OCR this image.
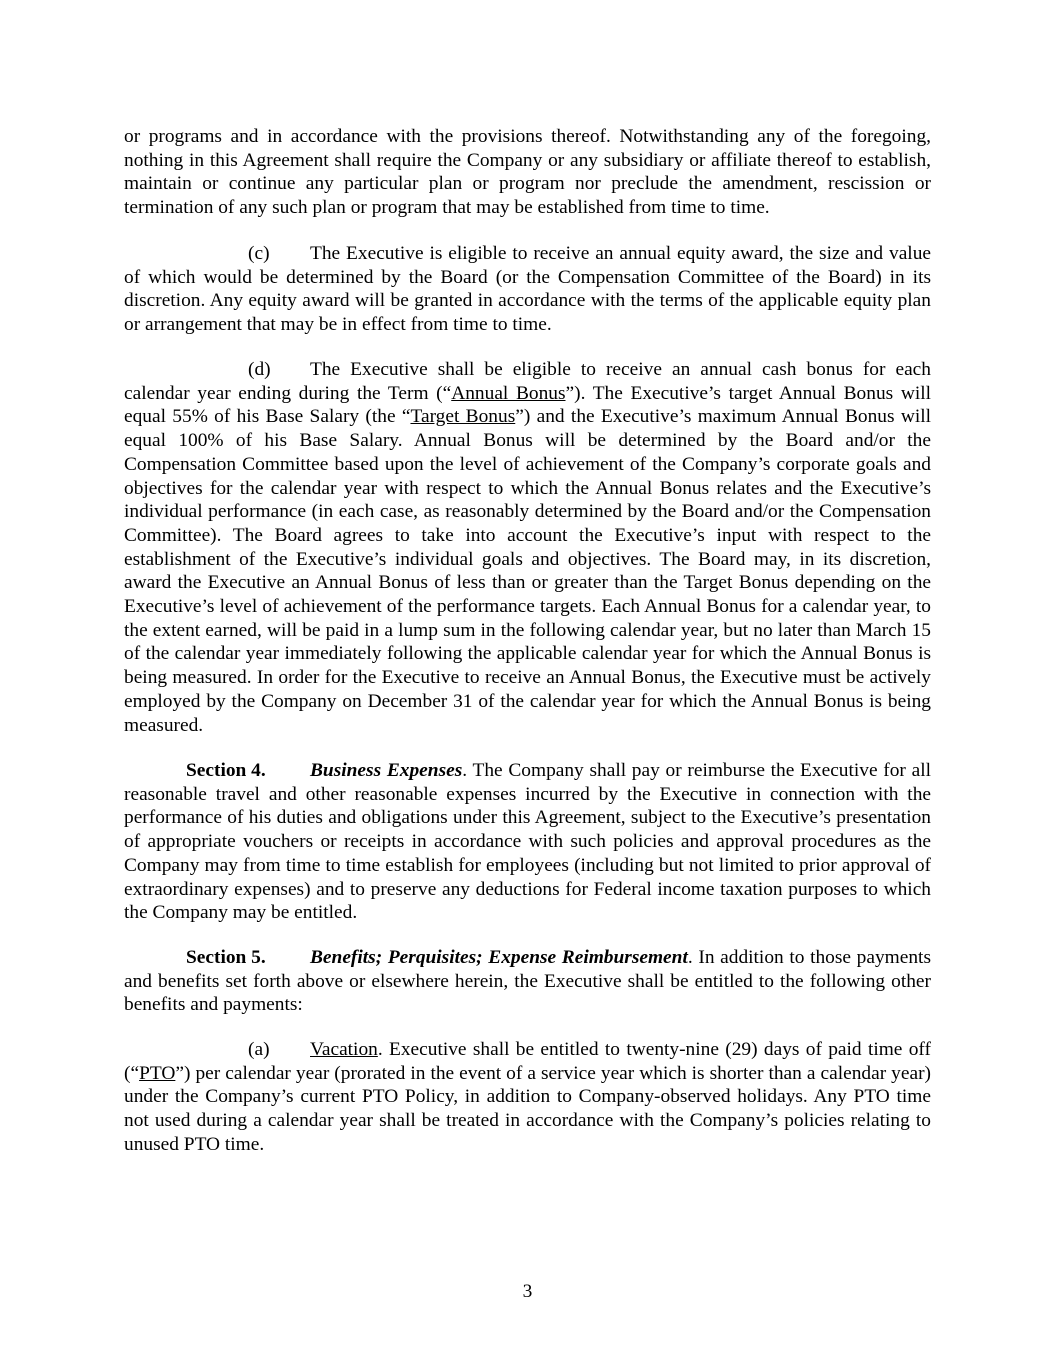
or programs and in accordance with the provisions thereof. Notwithstanding any of the foregoing, nothing in this Agreement shall require the Company or any subsidiary or affiliate thereof to establish, maintain or continue any particular plan or program nor preclude the amendment, rescission or termination of any such plan or program that may be established from time to time.

(c) The Executive is eligible to receive an annual equity award, the size and value of which would be determined by the Board (or the Compensation Committee of the Board) in its discretion. Any equity award will be granted in accordance with the terms of the applicable equity plan or arrangement that may be in effect from time to time.

(d) The Executive shall be eligible to receive an annual cash bonus for each calendar year ending during the Term (“Annual Bonus”). The Executive’s target Annual Bonus will equal 55% of his Base Salary (the “Target Bonus”) and the Executive’s maximum Annual Bonus will equal 100% of his Base Salary. Annual Bonus will be determined by the Board and/or the Compensation Committee based upon the level of achievement of the Company’s corporate goals and objectives for the calendar year with respect to which the Annual Bonus relates and the Executive’s individual performance (in each case, as reasonably determined by the Board and/or the Compensation Committee). The Board agrees to take into account the Executive’s input with respect to the establishment of the Executive’s individual goals and objectives. The Board may, in its discretion, award the Executive an Annual Bonus of less than or greater than the Target Bonus depending on the Executive’s level of achievement of the performance targets. Each Annual Bonus for a calendar year, to the extent earned, will be paid in a lump sum in the following calendar year, but no later than March 15 of the calendar year immediately following the applicable calendar year for which the Annual Bonus is being measured. In order for the Executive to receive an Annual Bonus, the Executive must be actively employed by the Company on December 31 of the calendar year for which the Annual Bonus is being measured.

Section 4. Business Expenses. The Company shall pay or reimburse the Executive for all reasonable travel and other reasonable expenses incurred by the Executive in connection with the performance of his duties and obligations under this Agreement, subject to the Executive’s presentation of appropriate vouchers or receipts in accordance with such policies and approval procedures as the Company may from time to time establish for employees (including but not limited to prior approval of extraordinary expenses) and to preserve any deductions for Federal income taxation purposes to which the Company may be entitled.

Section 5. Benefits; Perquisites; Expense Reimbursement. In addition to those payments and benefits set forth above or elsewhere herein, the Executive shall be entitled to the following other benefits and payments:

(a) Vacation. Executive shall be entitled to twenty-nine (29) days of paid time off (“PTO”) per calendar year (prorated in the event of a service year which is shorter than a calendar year) under the Company’s current PTO Policy, in addition to Company-observed holidays. Any PTO time not used during a calendar year shall be treated in accordance with the Company’s policies relating to unused PTO time.

3
